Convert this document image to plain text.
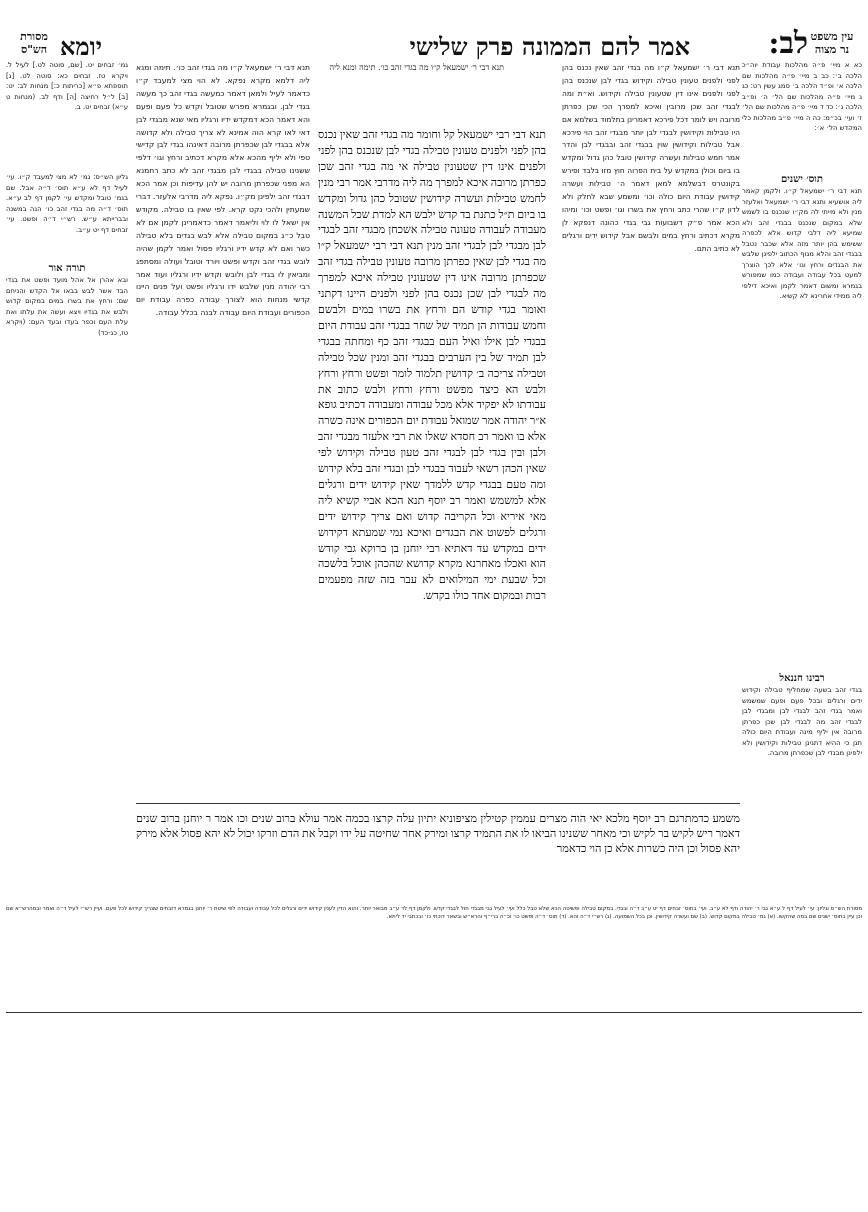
לב:
אמר להם הממונה פרק שלישי
יומא
מסורת
הש"ס
עין משפט
נר מצוה
כא א מיי׳ פ״ה מהלכות עבודת יוה״כ הלכה ב׳: כב ב מיי׳ פ״ה מהלכות שם הלכה א׳ ופ״ד הלכה ב׳ סמג עשין רט: כג ג מיי׳ פ״ה מהלכות שם הל׳ ה׳ ופ״ב הלכה ג׳: כד ד מיי׳ פ״ה מהלכות שם הל׳ ז׳ ועי׳ בכ״מ: כה ה מיי׳ פ״ב מהלכות כלי המקדש הל׳ א׳:
תוס׳ ישנים
תנא דבי ר׳ ישמעאל ק״ו. ולקמן קאמר ליה אושעיא ותנא דבי ר׳ ישמעאל ואלעזר מנין ולא מייתי לה מק״ו שנכנס בו לשמש שלא במקום שנכנס בבגדי זהב ולא שמיעא ליה דלבי קדוש אלא לכפרה ששימש בהן יותר מזה אלא שכבר נטבל בבגדי זהב והלא מגוף הכתוב ילפינן שלבש את הבגדים ורחץ וגו׳ אלא לכך הוצרך למעט בכל עבודה ועבודה כמו שמפורש בגמרא ומשום דאמר לקמן ואיכא דילפי ליה ממידי אחרינא לא קשיא.
רבינו חננאל
בגדי זהב בשעה שמחליף טבילה וקידוש ידים ורגלים ובכל פעם ופעם שמשמש ואמר בגדי זהב לבגדי לבן ומבגדי לבן לבגדי זהב מה לבגדי לבן שכן כפרתן מרובה אין יליף מינה ועבודת היום כולה תנן כי ההיא דתנינן טבילות וקידושין ולא ילפינן מבגדי לבן שכפרתן מרובה.
גמ׳ זבחים יט. [שם, סוטה לט.] לעיל ל. ויקרא טז. זבחים כא: סוטה לט. [ג] תוספתא פ״א [כריתות כ:] מנחות לב: יט: [ב] ל״ל רחיצה [ה] ודף לב. (מנחות ט ע״א) זבחים יט. ב.
גליון הש״ס: גמ׳ לא מצי למעבד ק״ו. עי׳ לעיל דף לא ע״א תוס׳ ד״ה אבל. שם בגמ׳ טובל ומקדש עי׳ לקמן דף לב ע״א. תוס׳ ד״ה מה בגדי זהב כו׳ הנה במשנה ובברייתא ע״ש. רש״י ד״ה ופשט. עי׳ זבחים דף יט ע״ב.
תורה אור
ובא אהרן אל אהל מועד ופשט את בגדי הבד אשר לבש בבאו אל הקדש והניחם שם: ורחץ את בשרו במים במקום קדוש ולבש את בגדיו ויצא ועשה את עלתו ואת עלת העם וכפר בעדו ובעד העם: (ויקרא טז, כג-כד)
תנא דבי ר׳ ישמעאל ק״ו מה בגדי זהב שאין נכנס בהן לפני ולפנים טעונין טבילה וקידוש בגדי לבן שנכנס בהן לפני ולפנים אינו דין שטעונין טבילה וקידוש. וא״ת ומה לבגדי זהב שכן מרובין ואיכא למפרך הכי שכן כפרתן מרובה ויש לומר דכל פירכא דאמרינן בתלמוד בשלמא אם היו טבילות וקידושין לבגדי לבן יותר מבגדי זהב הוי פירכא אבל טבילות וקידושין שוין בבגדי זהב ובבגדי לבן והדר אמר חמש טבילות ועשרה קידושין טובל כהן גדול ומקדש בו ביום וכולן במקדש על בית הפרוה חוץ מזו בלבד ופירש בקונטרס דבשלמא למאן דאמר ה׳ טבילות ועשרה קידושין עבודת היום כולה וכו׳ ומשמע שבא לחלק ולא לדון ק״ו שהרי כתב ורחץ את בשרו וגו׳ ופשט וכו׳ ומיהו הכא אמר פ״ק דשבועות גבי בגדי כהונה דנפקא לן מקרא דכתיב ורחץ במים ולבשם אבל קידוש ידים ורגלים לא כתיב התם.
תנא דבי ר׳ ישמעאל ק״ו מה בגדי זהב כו׳. תימה ומנא ליה דלמא מקרא נפקא. לא הוי מצי למעבד ק״ו כדאמר לעיל ולמאן דאמר כמעשה בגדי זהב כך מעשה בגדי לבן. ובגמרא מפרש שטובל וקדש כל פעם ופעם והא דאמר הכא דמקדש ידיו ורגליו מאי שנא מבגדי לבן דאי לאו קרא הוה אמינא לא צריך טבילה ולא קדושה אלא בבגדי לבן שכפרתן מרובה דאינהו בגדי לבן קדישי טפי ולא יליף מהכא אלא מקרא דכתיב ורחץ וגו׳ דלפי ששנינו טבילה בבגדי לבן מבגדי זהב לא כתב רחמנא הא מפני שכפרתן מרובה יש להן עדיפות וכן אמר הכא דבגדי זהב ילפינן מק״ו. נפקא ליה מדרבי אלעזר. דברי שמעתין ולהכי נקט קרא. לפי שאין בו טבילה. מקודש אין ישאל לו לוי וליאמר דאמר כדאמרינן לקמן אם לא טבל כ״ג במקום טבילה אלא לבש בגדים בלא טבילה כשר ואם לא קדש ידיו ורגליו פסול ואמר לקמן שהיה לובש בגדי זהב וקדש ופשט ויורד וטובל ועולה ומסתפג ומביאין לו בגדי לבן ולובש וקדש ידיו ורגליו ועוד אמר רבי יהודה מנין שלבש ידו ורגליו ופשט ועל פנים היינו קדשי מנחות הוא לצורך עבודה כפרה עבודת יום הכפורים ועבודת היום עבודה לבנה בכלל עבודה.
תנא דבי ר׳ ישמעאל ק״ו מה בגדי זהב כו׳. תימה ומנא ליה
תנא דבי רבי ישמעאל קל וחומר מה בגדי זהב שאין נכנס בהן לפני ולפנים טעונין טבילה בגדי לבן שנכנס בהן לפני ולפנים אינו דין שטעונין טבילה אי מה בגדי זהב שכן כפרתן מרובה איכא למפרך מה ליה מדרבי אמר רבי מנין לחמש טבילות ועשרה קידושין שטובל כהן גדול ומקדש בו ביום ת״ל כתנת בד קדש ילבש הא למדת שכל המשנה מעבודה לעבודה טעונה טבילה אשכחן מבגדי זהב לבגדי לבן מבגדי לבן לבגדי זהב מנין תנא דבי רבי ישמעאל ק״ו מה בגדי לבן שאין כפרתן מרובה טעונין טבילה בגדי זהב שכפרתן מרובה אינו דין שטעונין טבילה איכא למפרך מה לבגדי לבן שכן נכנס בהן לפני ולפנים היינו דקתני ואומר בגדי קודש הם ורחץ את בשרו במים ולבשם וחמש עבודות הן תמיד של שחר בבגדי זהב עבודת היום בבגדי לבן אילו ואיל העם בבגדי זהב כף ומחתה בבגדי לבן תמיד של בין הערבים בבגדי זהב ומנין שכל טבילה וטבילה צריכה ב׳ קדושין תלמוד לומר ופשט ורחץ ורחץ ולבש הא כיצד מפשט ורחץ ורחץ ולבש כתוב את עבודתו לא יפקיד אלא מכל עבודה ומעבודה דכתיב גופא א״ר יהודה אמר שמואל עבודת יום הכפורים אינה כשרה אלא בו ואמר רב חסדא שאלו את רבי אלעזר מבגדי זהב ולבן ובין בגדי לבן לבגדי זהב טעון טבילה וקידוש לפי שאין הכהן רשאי לעבוד בבגדי לבן ובגדי זהב בלא קידוש ומה טעם בבגדי קדש ללמדך שאין קידוש ידים ורגלים אלא למשמש ואמר רב יוסף תנא הכא אביי קשיא ליה מאי איריא וכל הקריבה קדוש ואם צריך קידוש ידים ורגלים לפשוט את הבגדים ואיכא נמי שמעתא דקידוש ידים במקדש עד דאתיא רבי יוחנן בן ברוקא גבי קודש הוא ואכלו מאחרנא מקרא קדושא שהכהן אוכל בלשכה וכל שבעת ימי המילואים לא עבר בזה שזה מפעמים רבות ובמקום אחד כולו בקדש.
משמע כדמתרגם רב יוסף מלכא יאי הוה מצרים עממין קטילין מציפוניא יתיון עלה קרצו בכמה אמר עולא ברוב שנים וכו אמר ר יוחנן ברוב שנים דאמר ריש לקיש בר לקיש וכי מאחר ששנינו הביאו לו את התמיד קרצו ומירק אחר שחיטה על ידו וקבל את הדם וזרקו יכול לא יהא פסול אלא מירק יהא פסול וכן היה כשרות אלא כן הוי כדאמר
מסורת הש״ס וגליון: עי׳ לעיל דף ל ע״א גבי ר׳ יהודה ודף לא ע״ב. ועי׳ בתוס׳ זבחים דף יט ע״ב ד״ה ובגדי. במקום טבילה ופשיטה הכא שלא טבל כלל ועי׳ לעיל גבי מבגדי חול לבגדי קדש. ולקמן דף לד ע״ב מבואר יותר. והוא הדין לענין קידוש ידים ורגלים לכל עבודה ועבודה לפי שיטת ר׳ יוחנן בגמרא דזבחים שצריך קידוש לכל פעם. ועיין רש״י לעיל ד״ה ואמר ובמהרש״א שם וכן עיין בתוס׳ ישנים שם במה שהקשו. (א) גמ׳ טבילה במקום קדוש. (ב) שם ועשרה קידושין. וכן בכל השמועה. (ג) רש״י ד״ה והא. (ד) תוס׳ ד״ה ופשט כו׳ וכ״ה ברי״ף והרא״ש ובשאר דוכתי כו׳ ובכתבי יד ליתא.
